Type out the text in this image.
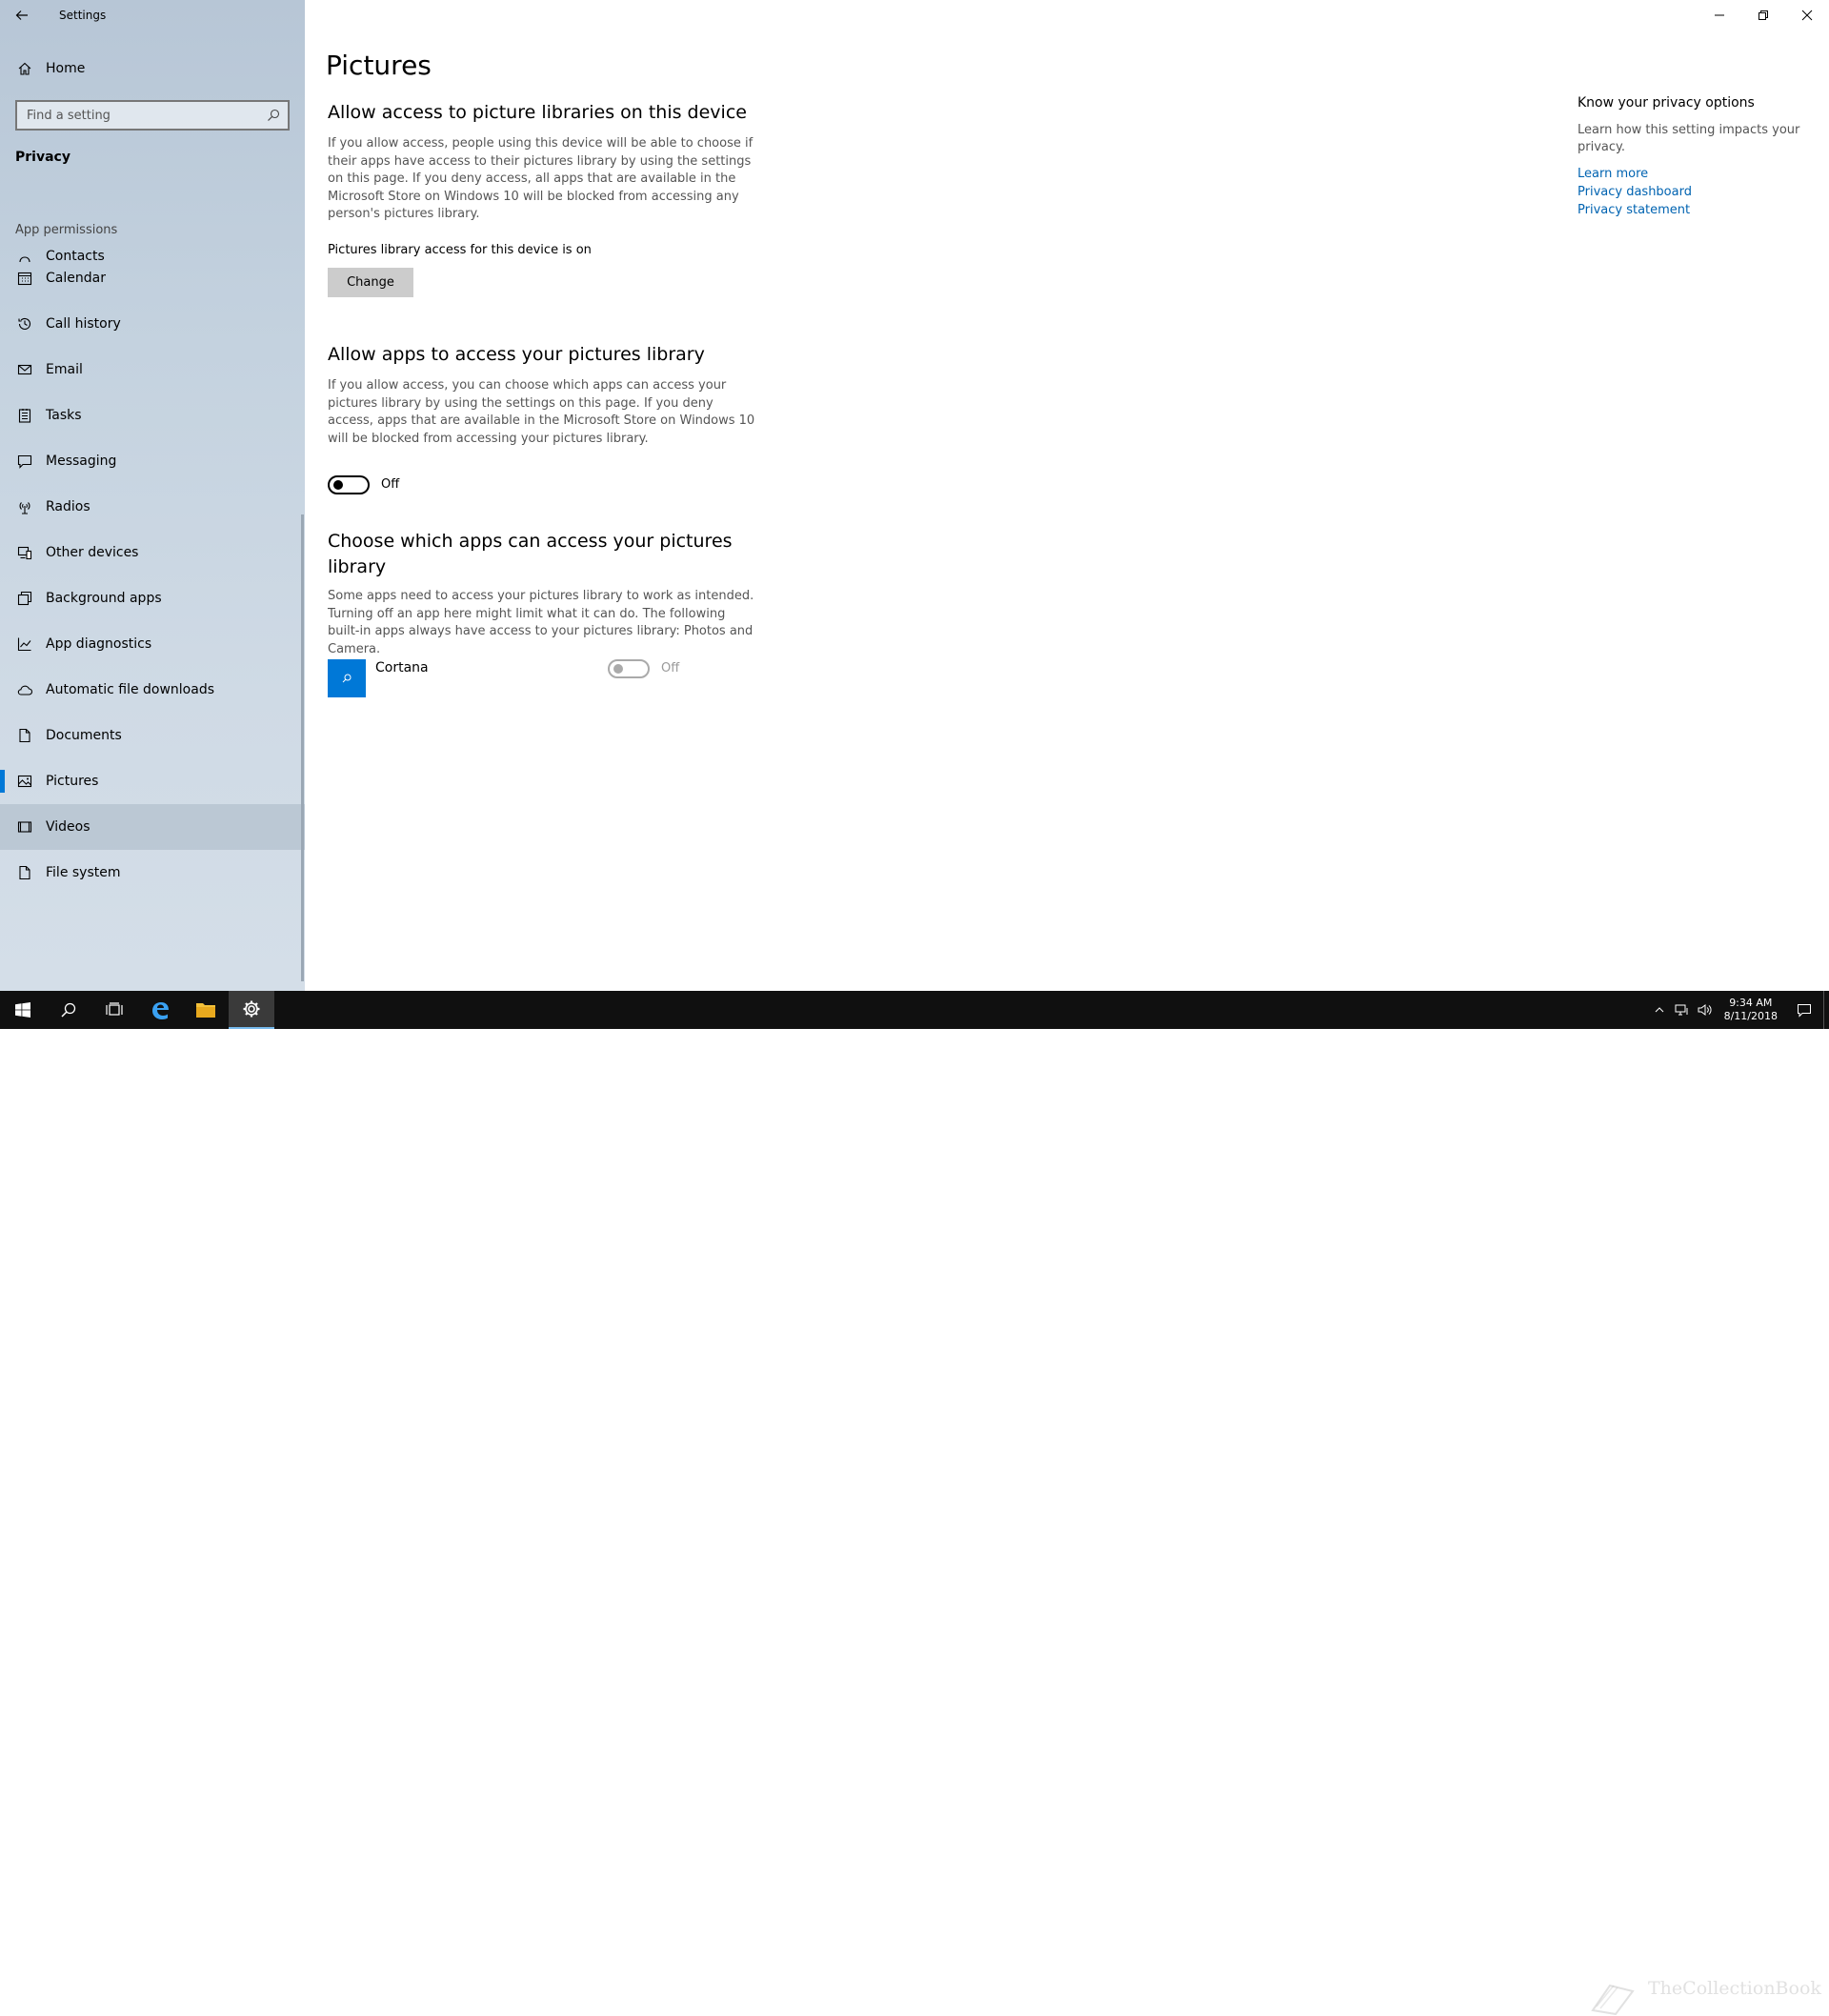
Settings
Home
Find a setting
Privacy
App permissions
Contacts
Calendar
Call history
Email
Tasks
Messaging
Radios
Other devices
Background apps
App diagnostics
Automatic file downloads
Documents
Pictures
Videos
File system
Pictures
Allow access to picture libraries on this device

If you allow access, people using this device will be able to choose if their apps have access to their pictures library by using the settings on this page. If you deny access, all apps that are available in the Microsoft Store on Windows 10 will be blocked from accessing any person's pictures library.

Pictures library access for this device is on
Change
Allow apps to access your pictures library

If you allow access, you can choose which apps can access your pictures library by using the settings on this page. If you deny access, apps that are available in the Microsoft Store on Windows 10 will be blocked from accessing your pictures library.

Off
Choose which apps can access your pictures library

Some apps need to access your pictures library to work as intended. Turning off an app here might limit what it can do. The following built-in apps always have access to your pictures library: Photos and Camera.

Cortana	Off
Know your privacy options

Learn how this setting impacts your privacy.

Learn more
Privacy dashboard
Privacy statement
TheCollectionBook
9:34 AM
8/11/2018
